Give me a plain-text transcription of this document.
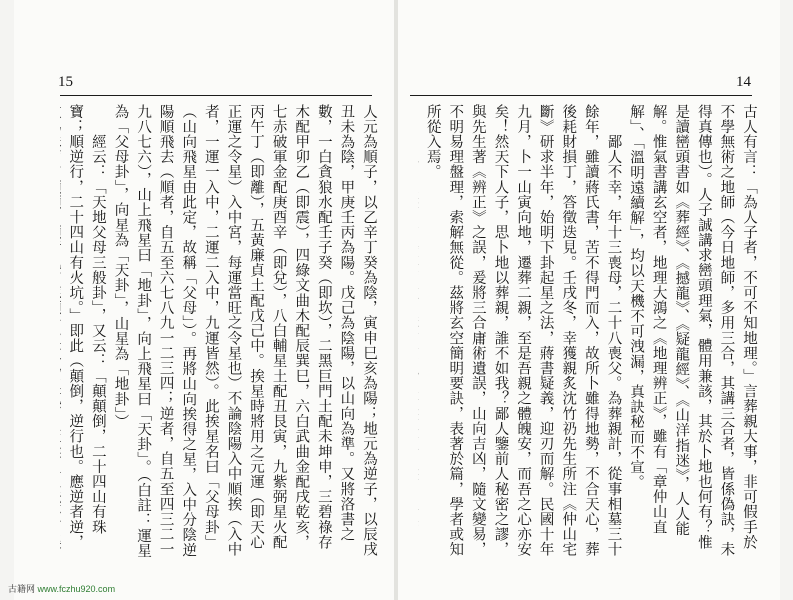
15	14
古人有言：「為人子者，不可不知地理。」言葬親大事，非可假手於不學無術之地師（今日地師，多用三合，其講三合者，皆係偽訣，未得真傳也）。人子誠講求巒頭理氣，體用兼該，其於卜地也何有？惟是讀巒頭書如《葬經》、《撼龍》、《疑龍經》、《山洋指迷》，人人能解。惟氣書講玄空者，地理大鴻之《地理辨正》，雖有「章仲山直解」、「溫明遠續解」，均以天機不可洩漏，真訣秘而不宣。
　　鄙人不幸，年十三喪母，二十八喪父。為葬親計，從事相墓三十餘年，雖讀蔣氏書，苦不得門而入，故所卜雖得地勢，不合天心，葬後耗財損丁，答徵迭見。壬戌冬，幸獲親炙沈竹礽先生所注《仲山宅斷》研求半年，始明下卦起星之法，蔣書疑義，迎刃而解。民國十年九月，卜一山寅向地，遷葬二親，至是吾親之體魄安，而吾之心亦安矣！然天下人子，思卜地以葬親，誰不如我？鄙人鑒前人秘密之謬，與先生著《辨正》之誤，爰將三合庸術遺誤，山向吉凶，隨文變易，不明易理盤理，索解無從。茲將玄空簡明要訣，表著於篇，學者或知所從入焉。

人元為順子，以乙辛丁癸為陰，寅申巳亥為陽；地元為逆子，以辰戌丑未為陰，甲庚壬丙為陽。戊己為陰陽，以山向為準。又將洛書之數，一白貪狼水配壬子癸（即坎），二黑巨門土配未坤申，三碧祿存木配甲卯乙（即震），四綠文曲木配辰巽巳，六白武曲金配戌乾亥，七赤破軍金配庚酉辛（即兌），八白輔星土配丑艮寅，九紫弼星火配丙午丁（即離），五黃廉貞土配戊己中。挨星時將用之元運（即天心正運之令星）入中宮，每運當旺之令星也）不論陰陽入中順挨（入中者，一運一入中，二運二入中，九運皆然）。此挨星名曰「父母卦」（山向飛星由此定，故稱「父母」）。再將山向挨得之星，入中分陰逆陽順飛去（順者，自五至六七八九一二三四；逆者，自五至四三二一九八七六），山上飛星曰「地卦」，向上飛星曰「天卦」。（白註：運星為「父母卦」，向星為「天卦」，山星為「地卦」）
　　經云：「天地父母三般卦」，又云：「顛顛倒，二十四山有珠寶；順逆行，二十四山有火坑。」即此（顛倒，逆行也。應逆者逆，

古籍网 www.fczhu920.com
